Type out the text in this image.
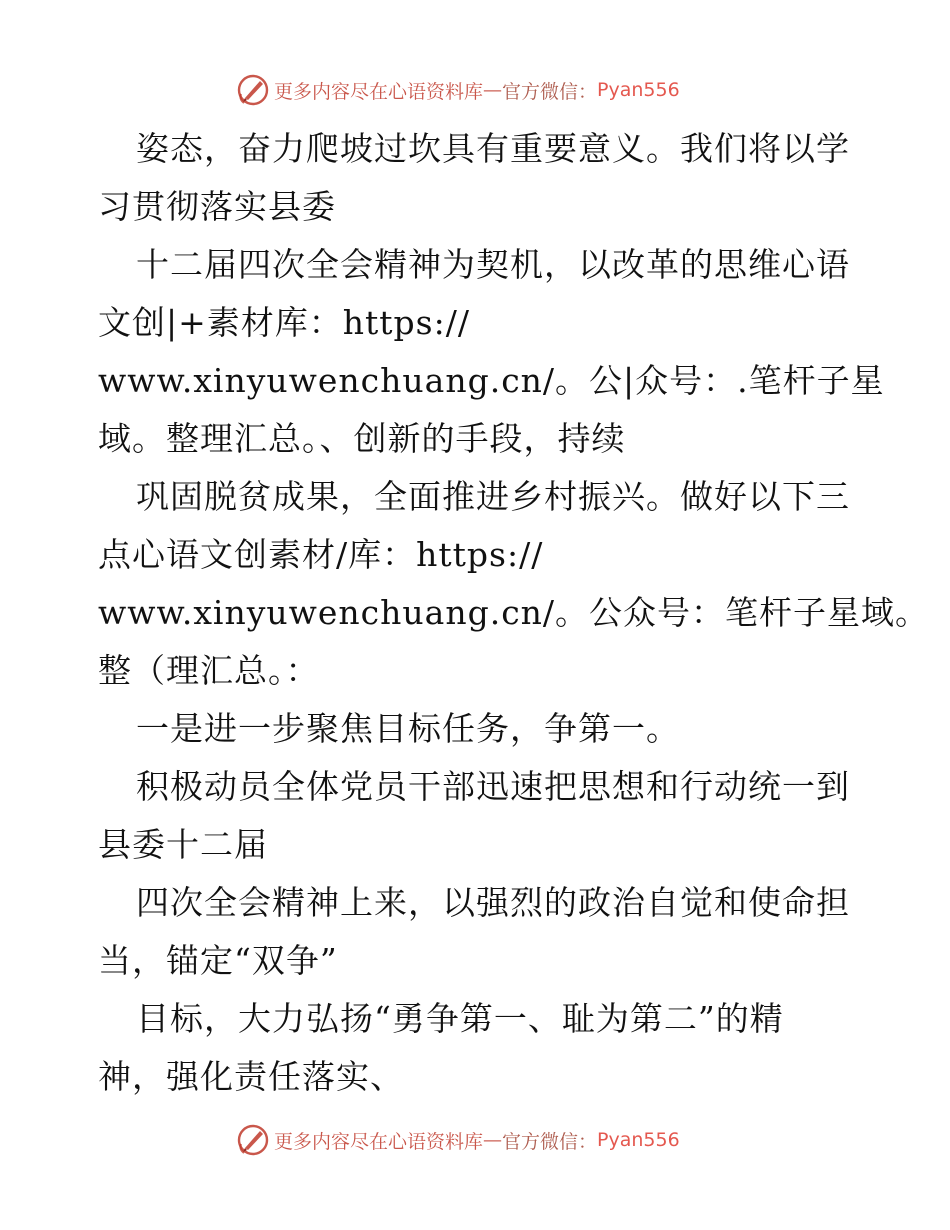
更多内容尽在心语资料库 — 官方微信： Pyan556
姿态，奋力爬坡过坎具有重要意义。我们将以学
习贯彻落实县委
十二届四次全会精神为契机，以改革的思维心语
文创|+素材库：https://
www.xinyuwenchuang.cn/。公|众号：.笔杆子星
域。整理汇总。、创新的手段，持续
巩固脱贫成果，全面推进乡村振兴。做好以下三
点心语文创素材/库：https://
www.xinyuwenchuang.cn/。公众号：笔杆子星域。
整（理汇总。：
一是进一步聚焦目标任务，争第一。
积极动员全体党员干部迅速把思想和行动统一到
县委十二届
四次全会精神上来，以强烈的政治自觉和使命担
当，锚定“双争”
目标，大力弘扬“勇争第一、耻为第二”的精
神，强化责任落实、
更多内容尽在心语资料库 — 官方微信： Pyan556
